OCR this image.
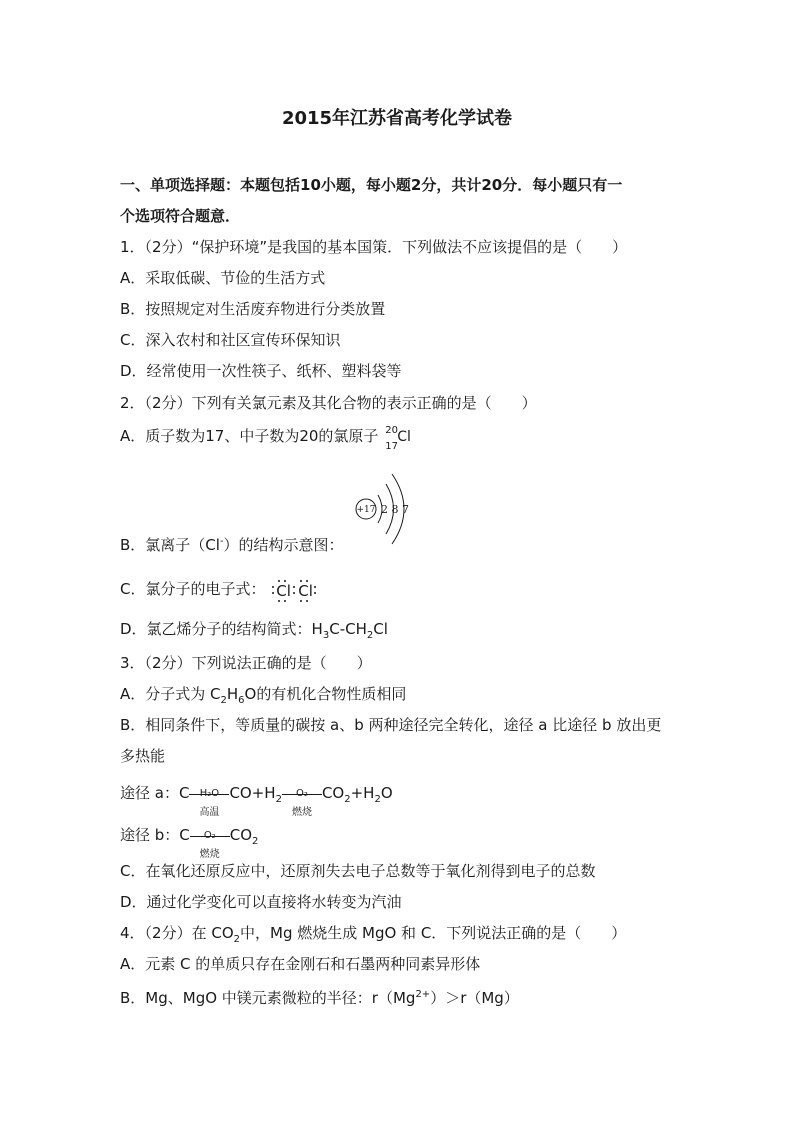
2015年江苏省高考化学试卷
一、单项选择题：本题包括10小题，每小题2分，共计20分．每小题只有一
个选项符合题意．
1．（2分）“保护环境”是我国的基本国策．下列做法不应该提倡的是（　　）
A．采取低碳、节俭的生活方式
B．按照规定对生活废弃物进行分类放置
C．深入农村和社区宣传环保知识
D．经常使用一次性筷子、纸杯、塑料袋等
2．（2分）下列有关氯元素及其化合物的表示正确的是（　　）
A．质子数为17、中子数为20的氯原子 20
17
Cl
+17 2 8 7
B．氯离子（Cl-）的结构示意图：
C．氯分子的电子式： Cl Cl
D．氯乙烯分子的结构简式：$H_3C-CH_2Cl$
3．（2分）下列说法正确的是（　　）
A．分子式为 $C_2H_6O$的有机化合物性质相同
B．相同条件下，等质量的碳按 a、b 两种途径完全转化，途径 a 比途径 b 放出更
多热能
途径 a：C	H₂O
高温
$CO+H_2$
O₂
燃烧
$CO_2+H_2O$
途径 b：C	O₂
燃烧
$CO_2$
C．在氧化还原反应中，还原剂失去电子总数等于氧化剂得到电子的总数
D．通过化学变化可以直接将水转变为汽油
4．（2分）在 $CO_2$中，Mg 燃烧生成 MgO 和 C．下列说法正确的是（　　）
A．元素 C 的单质只存在金刚石和石墨两种同素异形体
B．Mg、MgO 中镁元素微粒的半径：$r(Mg^{2+})>r(Mg)$
